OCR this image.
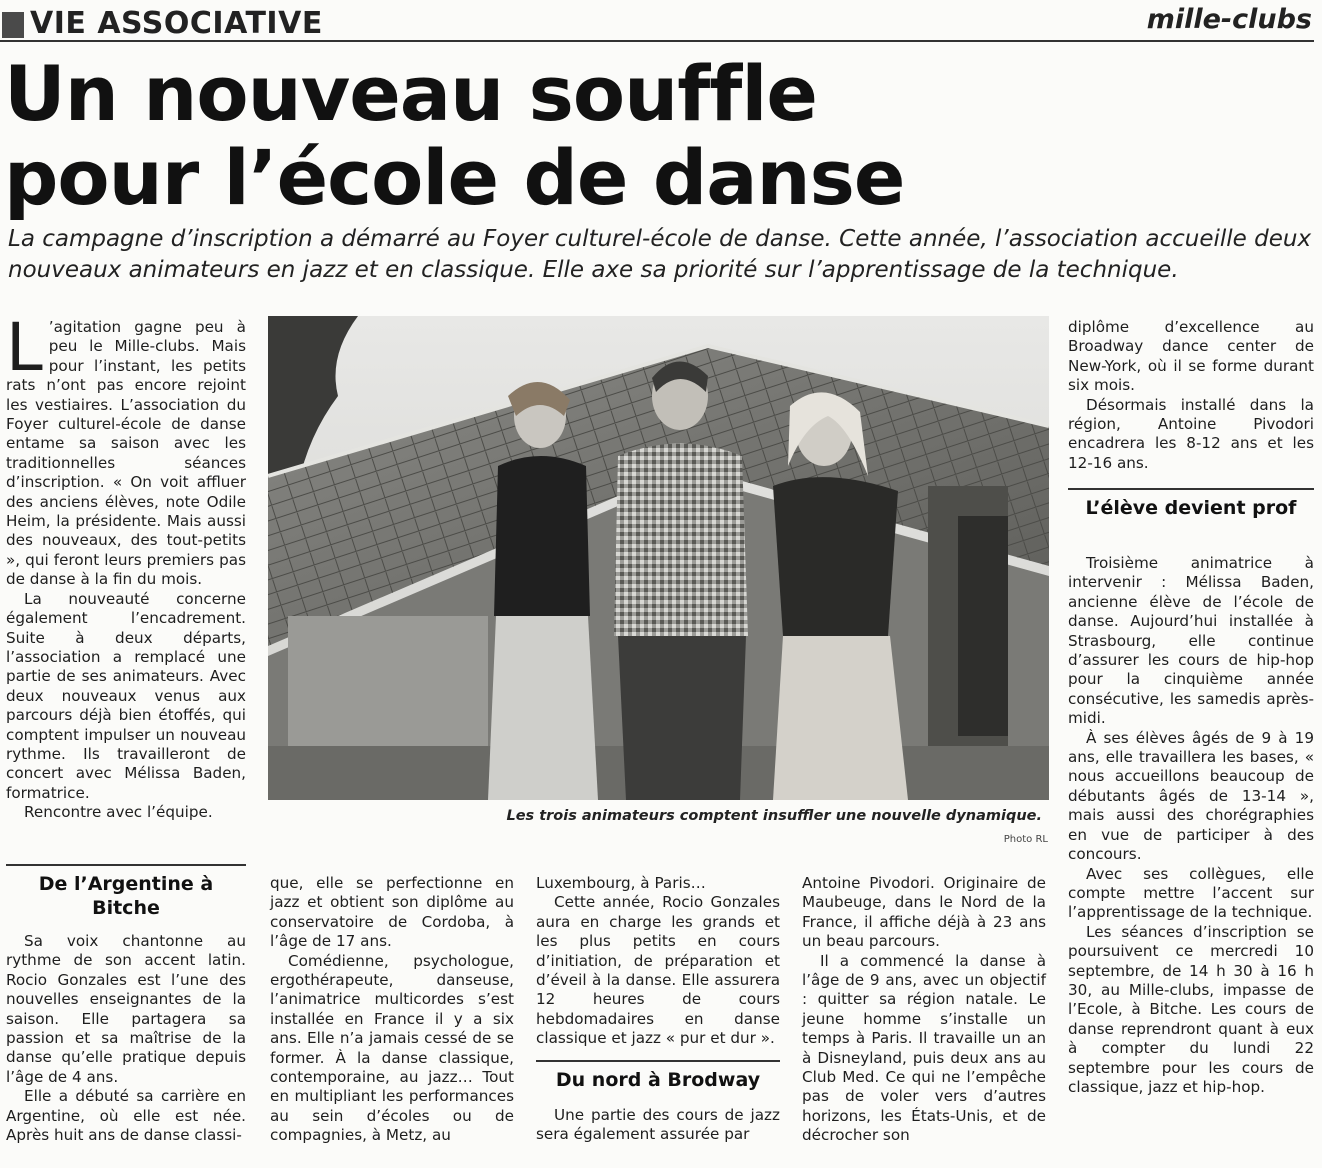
VIE ASSOCIATIVE	mille-clubs
Un nouveau souffle
pour l’école de danse
La campagne d’inscription a démarré au Foyer culturel-école de danse. Cette année, l’association accueille deux nouveaux animateurs en jazz et en classique. Elle axe sa priorité sur l’apprentissage de la technique.

L ’agitation gagne peu à peu le Mille-clubs. Mais pour l’instant, les petits rats n’ont pas encore rejoint les vestiaires. L’association du Foyer culturel-école de danse entame sa saison avec les traditionnelles séances d’inscription. « On voit affluer des anciens élèves, note Odile Heim, la présidente. Mais aussi des nouveaux, des tout-petits », qui feront leurs premiers pas de danse à la fin du mois.

La nouveauté concerne également l’encadrement. Suite à deux départs, l’association a remplacé une partie de ses animateurs. Avec deux nouveaux venus aux parcours déjà bien étoffés, qui comptent impulser un nouveau rythme. Ils travailleront de concert avec Mélissa Baden, formatrice.

Rencontre avec l’équipe.

De l’Argentine à Bitche

Sa voix chantonne au rythme de son accent latin. Rocio Gonzales est l’une des nouvelles enseignantes de la saison. Elle partagera sa passion et sa maîtrise de la danse qu’elle pratique depuis l’âge de 4 ans.

Elle a débuté sa carrière en Argentine, où elle est née. Après huit ans de danse classi-

Les trois animateurs comptent insuffler une nouvelle dynamique.
Photo RL

que, elle se perfectionne en jazz et obtient son diplôme au conservatoire de Cordoba, à l’âge de 17 ans.

Comédienne, psychologue, ergothérapeute, danseuse, l’animatrice multicordes s’est installée en France il y a six ans. Elle n’a jamais cessé de se former. À la danse classique, contemporaine, au jazz… Tout en multipliant les performances au sein d’écoles ou de compagnies, à Metz, au

Luxembourg, à Paris…

Cette année, Rocio Gonzales aura en charge les grands et les plus petits en cours d’initiation, de préparation et d’éveil à la danse. Elle assurera 12 heures de cours hebdomadaires en danse classique et jazz « pur et dur ».

Du nord à Brodway

Une partie des cours de jazz sera également assurée par

Antoine Pivodori. Originaire de Maubeuge, dans le Nord de la France, il affiche déjà à 23 ans un beau parcours.

Il a commencé la danse à l’âge de 9 ans, avec un objectif : quitter sa région natale. Le jeune homme s’installe un temps à Paris. Il travaille un an à Disneyland, puis deux ans au Club Med. Ce qui ne l’empêche pas de voler vers d’autres horizons, les États-Unis, et de décrocher son

diplôme d’excellence au Broadway dance center de New-York, où il se forme durant six mois.

Désormais installé dans la région, Antoine Pivodori encadrera les 8-12 ans et les 12-16 ans.

L’élève devient prof

Troisième animatrice à intervenir : Mélissa Baden, ancienne élève de l’école de danse. Aujourd’hui installée à Strasbourg, elle continue d’assurer les cours de hip-hop pour la cinquième année consécutive, les samedis après-midi.

À ses élèves âgés de 9 à 19 ans, elle travaillera les bases, « nous accueillons beaucoup de débutants âgés de 13-14 », mais aussi des chorégraphies en vue de participer à des concours.

Avec ses collègues, elle compte mettre l’accent sur l’apprentissage de la technique.

Les séances d’inscription se poursuivent ce mercredi 10 septembre, de 14 h 30 à 16 h 30, au Mille-clubs, impasse de l’Ecole, à Bitche. Les cours de danse reprendront quant à eux à compter du lundi 22 septembre pour les cours de classique, jazz et hip-hop.
